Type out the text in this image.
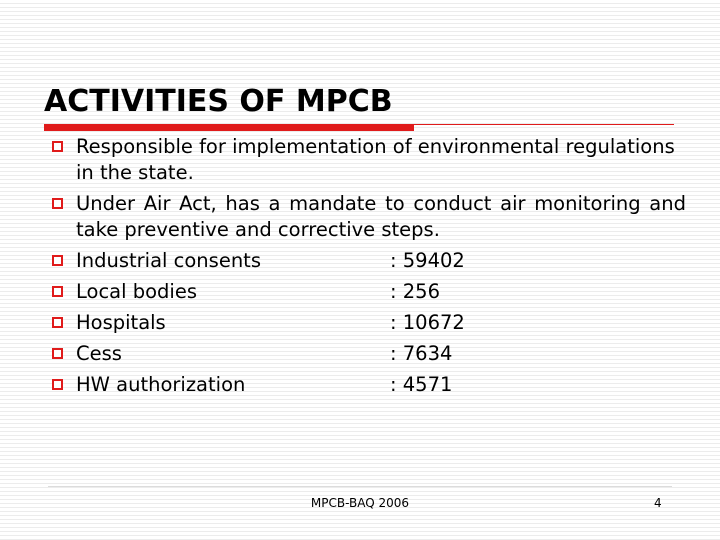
ACTIVITIES OF MPCB
Responsible for implementation of environmental regulations in the state.
Under Air Act, has a mandate to conduct air monitoring and take preventive and corrective steps.
Industrial consents	: 59402
Local bodies	: 256
Hospitals	: 10672
Cess	: 7634
HW authorization	: 4571
MPCB-BAQ 2006	4
